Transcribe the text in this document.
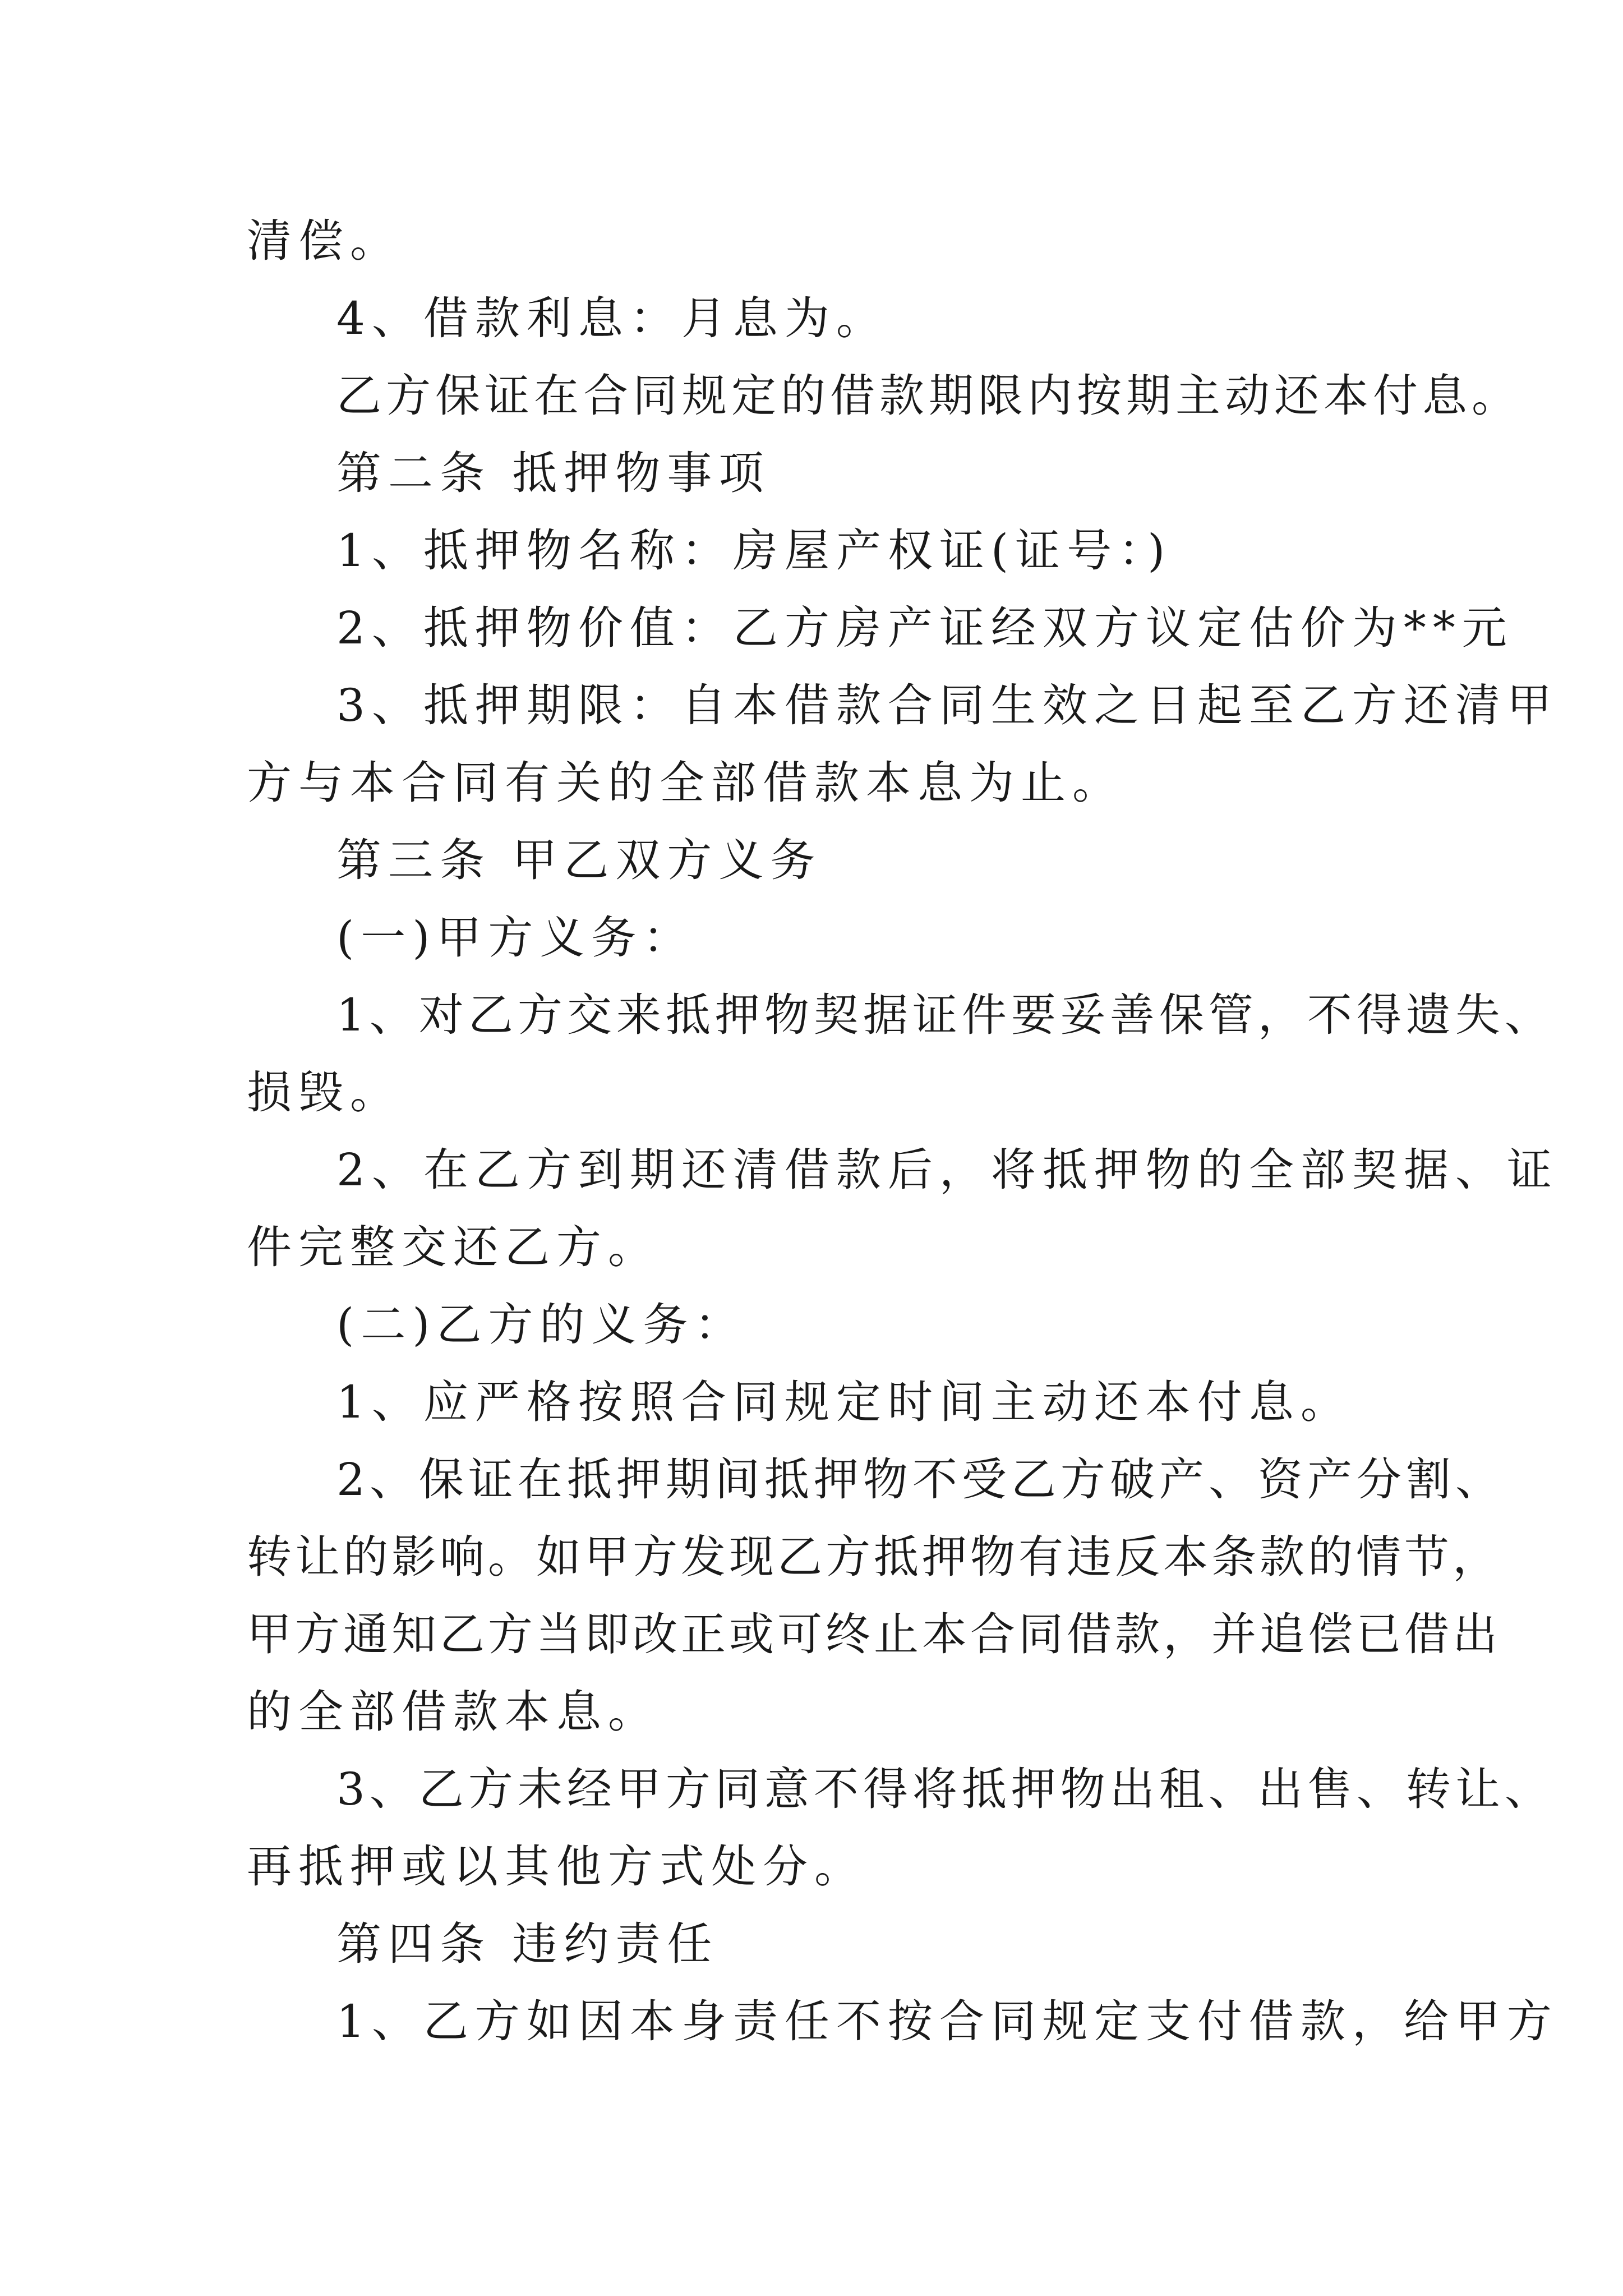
清偿。
4、借款利息：月息为。
乙方保证在合同规定的借款期限内按期主动还本付息。
第二条 抵押物事项
1、抵押物名称：房屋产权证(证号：)
2、抵押物价值：乙方房产证经双方议定估价为**元
3、抵押期限：自本借款合同生效之日起至乙方还清甲
方与本合同有关的全部借款本息为止。
第三条 甲乙双方义务
(一)甲方义务：
1、对乙方交来抵押物契据证件要妥善保管，不得遗失、
损毁。
2、在乙方到期还清借款后，将抵押物的全部契据、证
件完整交还乙方。
(二)乙方的义务：
1、应严格按照合同规定时间主动还本付息。
2、保证在抵押期间抵押物不受乙方破产、资产分割、
转让的影响。如甲方发现乙方抵押物有违反本条款的情节，
甲方通知乙方当即改正或可终止本合同借款，并追偿已借出
的全部借款本息。
3、乙方未经甲方同意不得将抵押物出租、出售、转让、
再抵押或以其他方式处分。
第四条 违约责任
1、乙方如因本身责任不按合同规定支付借款，给甲方
